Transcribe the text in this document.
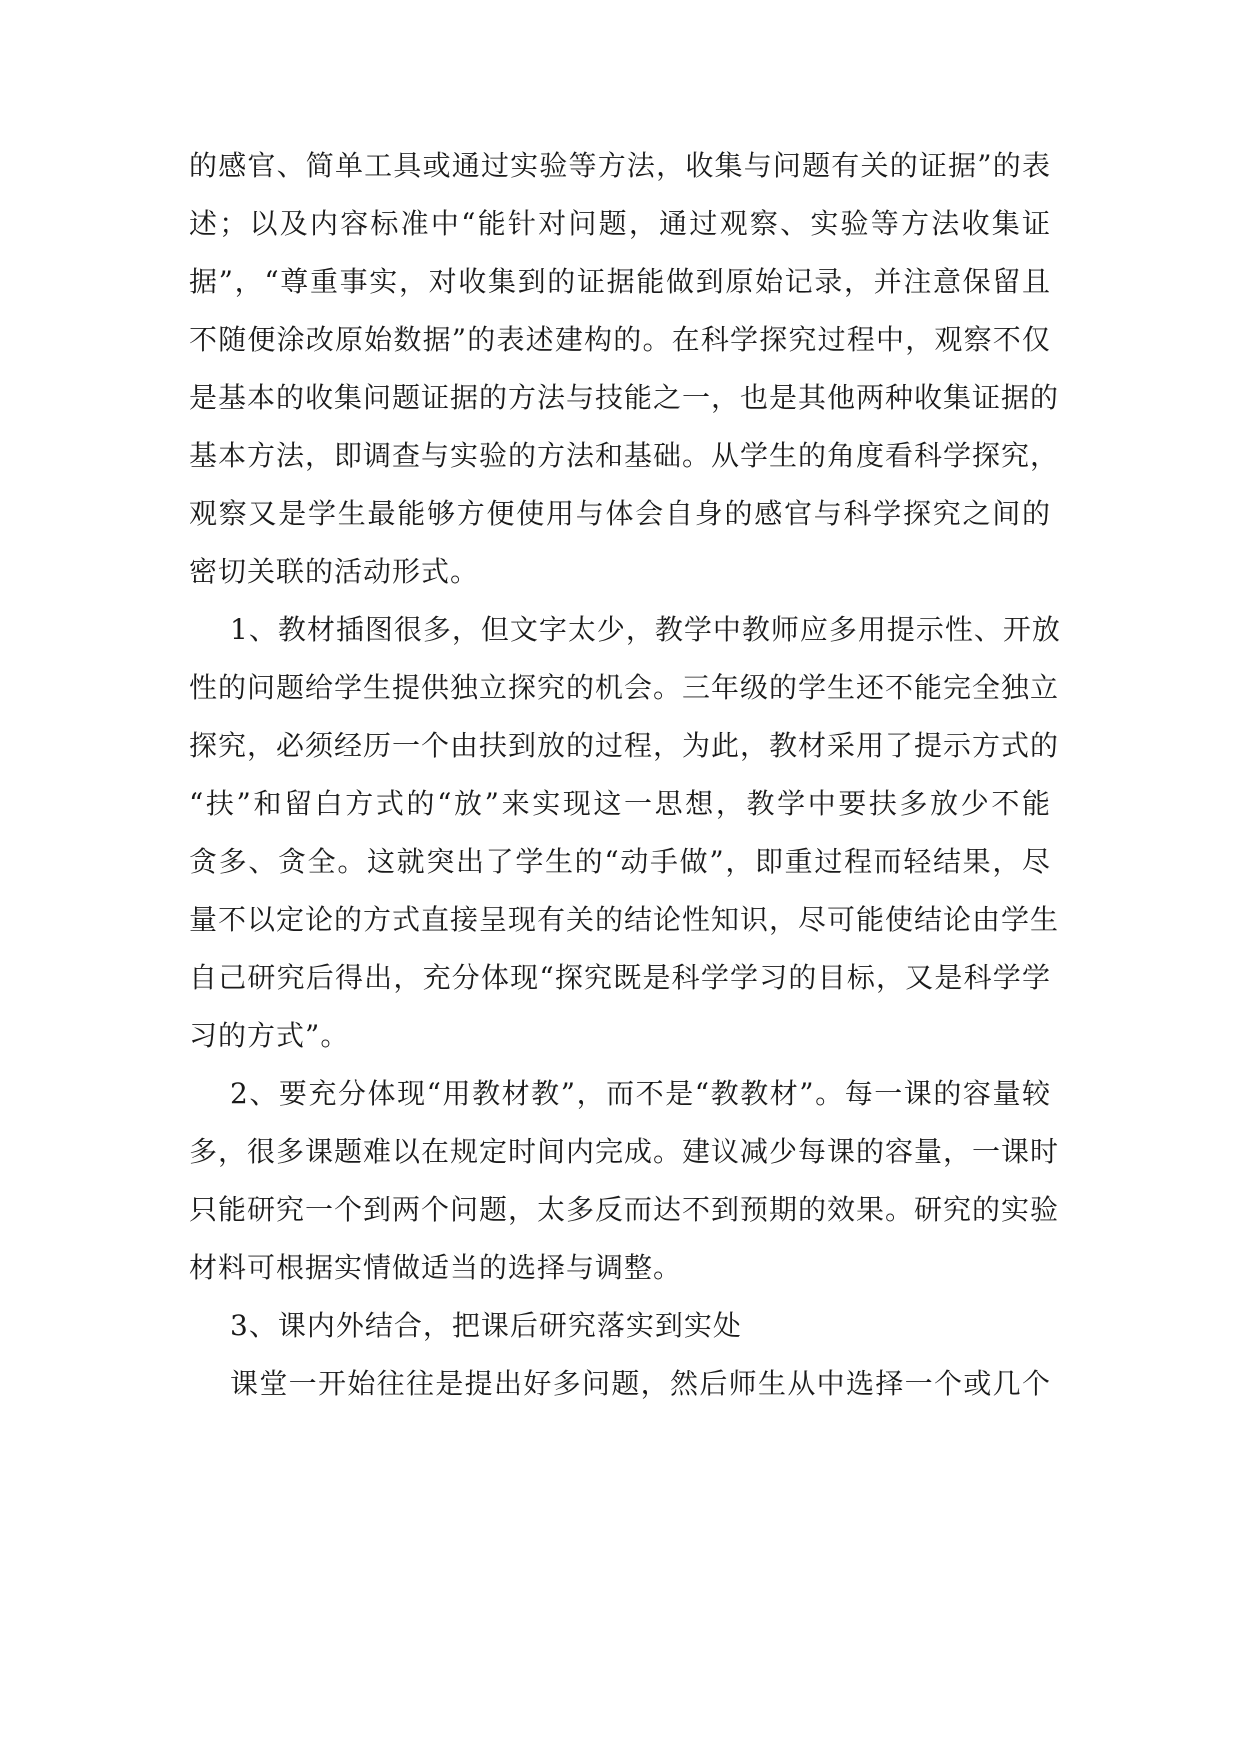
的感官、简单工具或通过实验等方法，收集与问题有关的证据”的表
述；以及内容标准中“能针对问题，通过观察、实验等方法收集证
据”，“尊重事实，对收集到的证据能做到原始记录，并注意保留且
不随便涂改原始数据”的表述建构的。在科学探究过程中，观察不仅
是基本的收集问题证据的方法与技能之一，也是其他两种收集证据的
基本方法，即调查与实验的方法和基础。从学生的角度看科学探究，
观察又是学生最能够方便使用与体会自身的感官与科学探究之间的
密切关联的活动形式。
1、教材插图很多，但文字太少，教学中教师应多用提示性、开放
性的问题给学生提供独立探究的机会。三年级的学生还不能完全独立
探究，必须经历一个由扶到放的过程，为此，教材采用了提示方式的
“扶”和留白方式的“放”来实现这一思想，教学中要扶多放少不能
贪多、贪全。这就突出了学生的“动手做”，即重过程而轻结果，尽
量不以定论的方式直接呈现有关的结论性知识，尽可能使结论由学生
自己研究后得出，充分体现“探究既是科学学习的目标，又是科学学
习的方式”。
2、要充分体现“用教材教”，而不是“教教材”。每一课的容量较
多，很多课题难以在规定时间内完成。建议减少每课的容量，一课时
只能研究一个到两个问题，太多反而达不到预期的效果。研究的实验
材料可根据实情做适当的选择与调整。
3、课内外结合，把课后研究落实到实处
课堂一开始往往是提出好多问题，然后师生从中选择一个或几个
